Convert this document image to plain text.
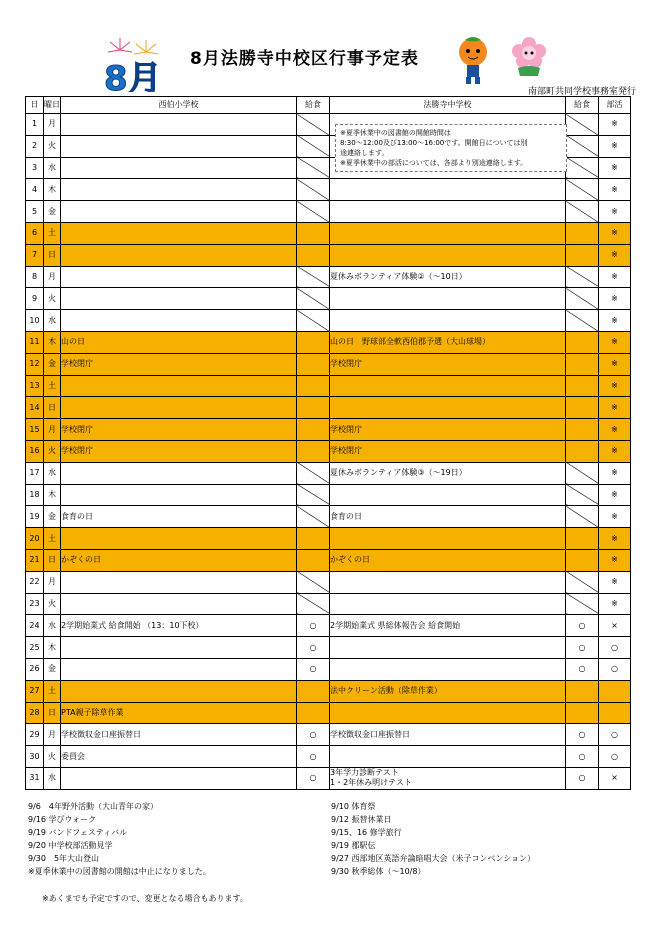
8月 8月法勝寺中校区行事予定表
南部町共同学校事務室発行
日	曜日	西伯小学校	給食	法勝寺中学校	給食	部活
1	月					※
2	火					※
3	水					※
4	木					※
5	金					※
6	土					※
7	日					※
8	月			夏休みボランティア体験②（～10日）		※
9	火					※
10	水					※
11	木	山の日		山の日　野球部全軟西伯郡予選（大山球場）		※
12	金	学校閉庁		学校閉庁		※
13	土					※
14	日					※
15	月	学校閉庁		学校閉庁		※
16	火	学校閉庁		学校閉庁		※
17	水			夏休みボランティア体験③（～19日）		※
18	木					※
19	金	食育の日		食育の日		※
20	土					※
21	日	かぞくの日		かぞくの日		※
22	月					※
23	火					※
24	水	2学期始業式 給食開始 （13：10下校）	○	2学期始業式 県総体報告会 給食開始	○	×
25	木		○		○	○
26	金		○		○	○
27	土			法中クリーン活動（除草作業）		
28	日	PTA親子除草作業				
29	月	学校徴収金口座振替日	○	学校徴収金口座振替日	○	○
30	火	委員会	○		○	○
31	水		○	3年学力診断テスト
1・2年休み明けテスト	○	×
※夏季休業中の図書館の開館時間は
8:30～12:00及び13:00～16:00です。開館日については別
途連絡します。
※夏季休業中の部活については、各部より別途連絡します。
9/6　4年野外活動（大山青年の家）
9/16 学びウォーク
9/19 バンドフェスティバル
9/20 中学校部活動見学
9/30　5年大山登山
※夏季休業中の図書館の開館は中止になりました。
9/10 体育祭
9/12 振替休業日
9/15、16 修学旅行
9/19 郡駅伝
9/27 西部地区英語弁論暗唱大会（米子コンベンション）
9/30 秋季総体（～10/8）
※あくまでも予定ですので、変更となる場合もあります。
